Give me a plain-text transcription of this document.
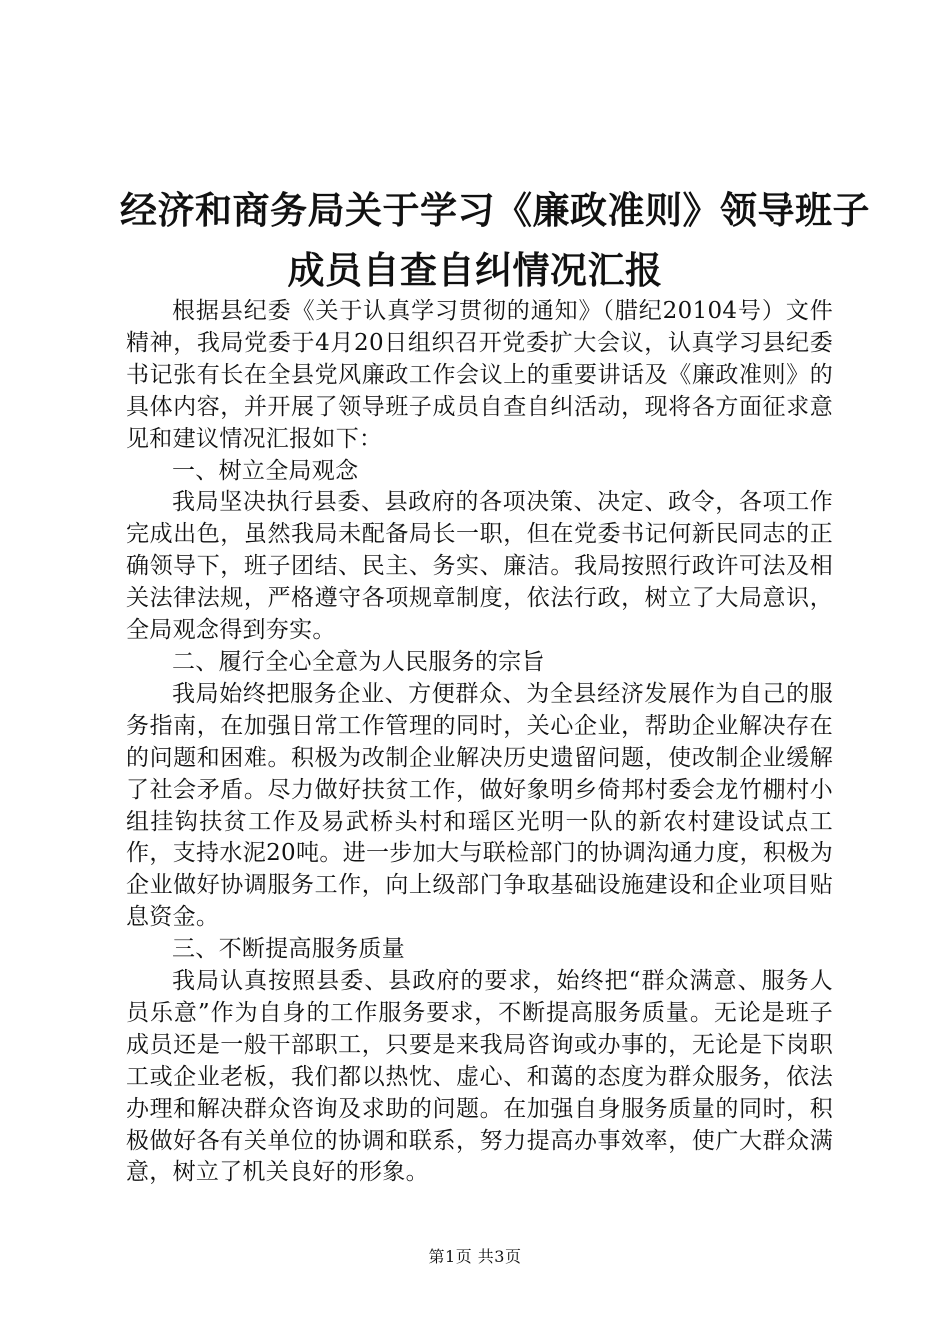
经济和商务局关于学习《廉政准则》领导班子
成员自查自纠情况汇报

根据县纪委《关于认真学习贯彻的通知》（腊纪20104号）文件精神，我局党委于4月20日组织召开党委扩大会议，认真学习县纪委书记张有长在全县党风廉政工作会议上的重要讲话及《廉政准则》的具体内容，并开展了领导班子成员自查自纠活动，现将各方面征求意见和建议情况汇报如下：

一、树立全局观念

我局坚决执行县委、县政府的各项决策、决定、政令，各项工作完成出色，虽然我局未配备局长一职，但在党委书记何新民同志的正确领导下，班子团结、民主、务实、廉洁。我局按照行政许可法及相关法律法规，严格遵守各项规章制度，依法行政，树立了大局意识，全局观念得到夯实。

二、履行全心全意为人民服务的宗旨

我局始终把服务企业、方便群众、为全县经济发展作为自己的服务指南，在加强日常工作管理的同时，关心企业，帮助企业解决存在的问题和困难。积极为改制企业解决历史遗留问题，使改制企业缓解了社会矛盾。尽力做好扶贫工作，做好象明乡倚邦村委会龙竹棚村小组挂钩扶贫工作及易武桥头村和瑶区光明一队的新农村建设试点工作，支持水泥20吨。进一步加大与联检部门的协调沟通力度，积极为企业做好协调服务工作，向上级部门争取基础设施建设和企业项目贴息资金。

三、不断提高服务质量

我局认真按照县委、县政府的要求，始终把“群众满意、服务人员乐意”作为自身的工作服务要求，不断提高服务质量。无论是班子成员还是一般干部职工，只要是来我局咨询或办事的，无论是下岗职工或企业老板，我们都以热忱、虚心、和蔼的态度为群众服务，依法办理和解决群众咨询及求助的问题。在加强自身服务质量的同时，积极做好各有关单位的协调和联系，努力提高办事效率，使广大群众满意，树立了机关良好的形象。

第1页 共3页
